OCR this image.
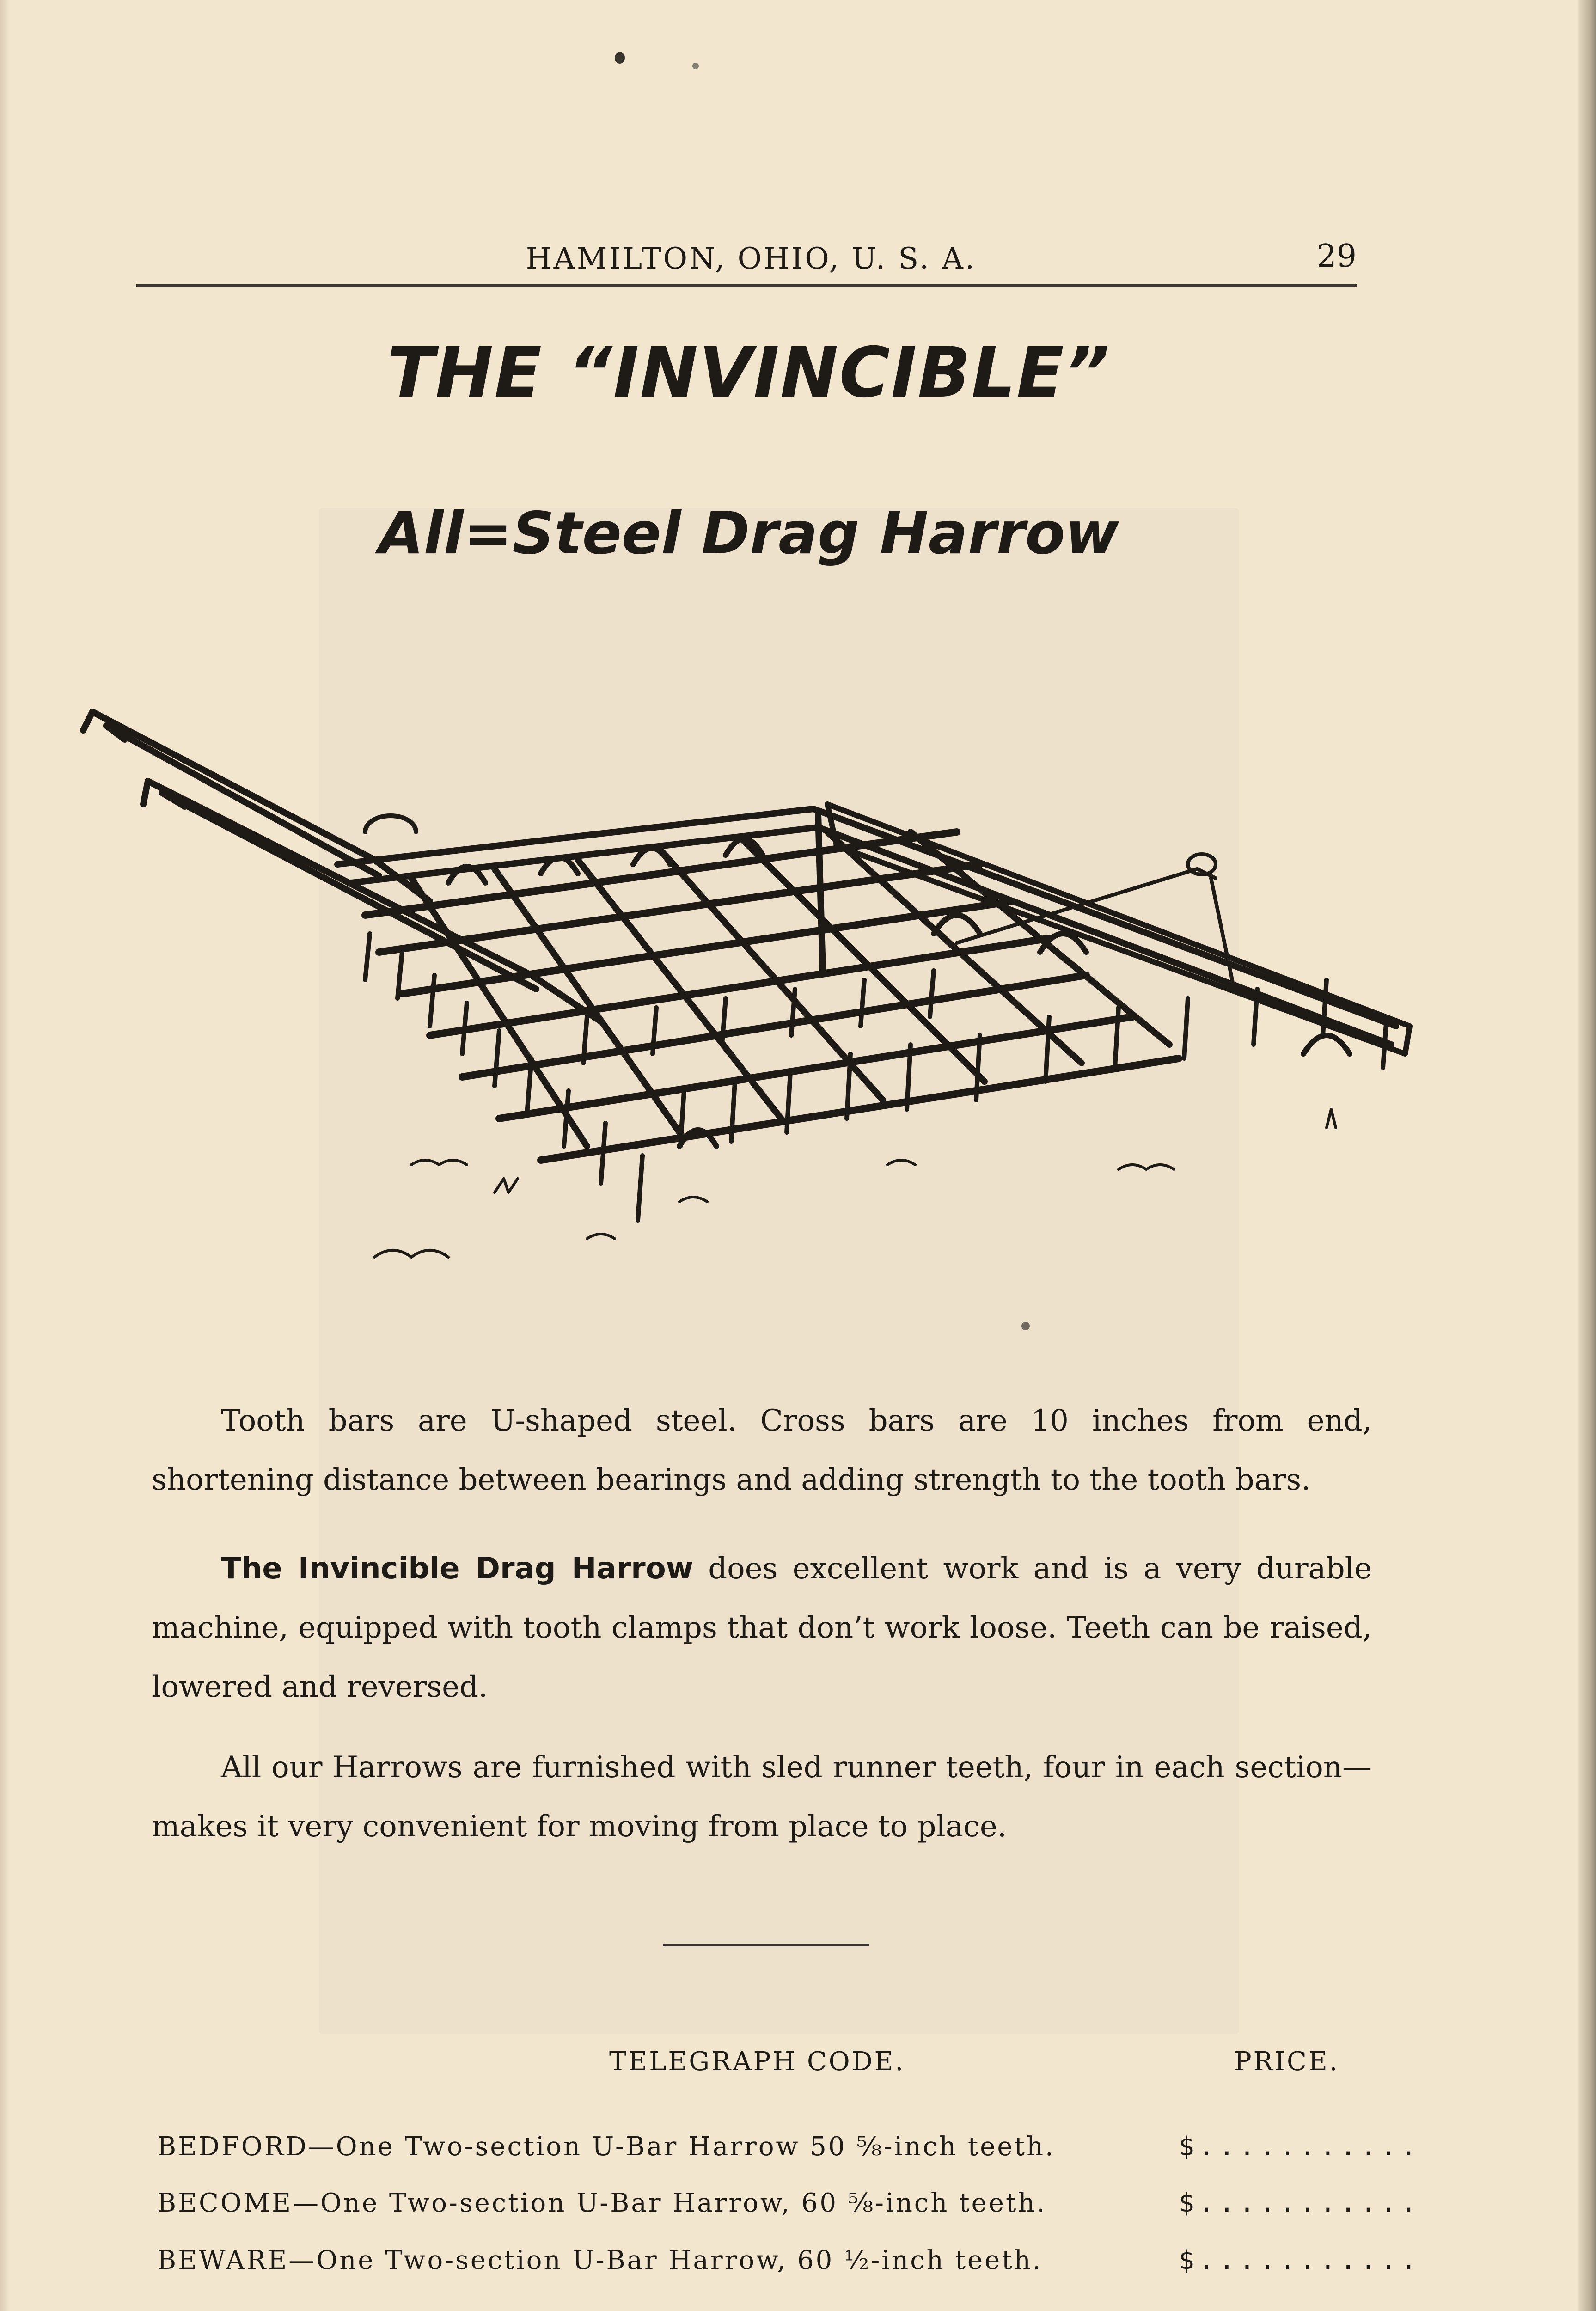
HAMILTON, OHIO, U. S. A.	29
THE “INVINCIBLE”
All=Steel Drag Harrow

Tooth bars are U-shaped steel. Cross bars are 10 inches from end, shortening distance between bearings and adding strength to the tooth bars.

The Invincible Drag Harrow does excellent work and is a very durable machine, equipped with tooth clamps that don’t work loose. Teeth can be raised, lowered and reversed.

All our Harrows are furnished with sled runner teeth, four in each section—makes it very convenient for moving from place to place.

TELEGRAPH CODE.	PRICE.
BEDFORD—One Two-section U-Bar Harrow 50 ⅝-inch teeth.	$...........
BECOME—One Two-section U-Bar Harrow, 60 ⅝-inch teeth.	$...........
BEWARE—One Two-section U-Bar Harrow, 60 ½-inch teeth.	$...........
